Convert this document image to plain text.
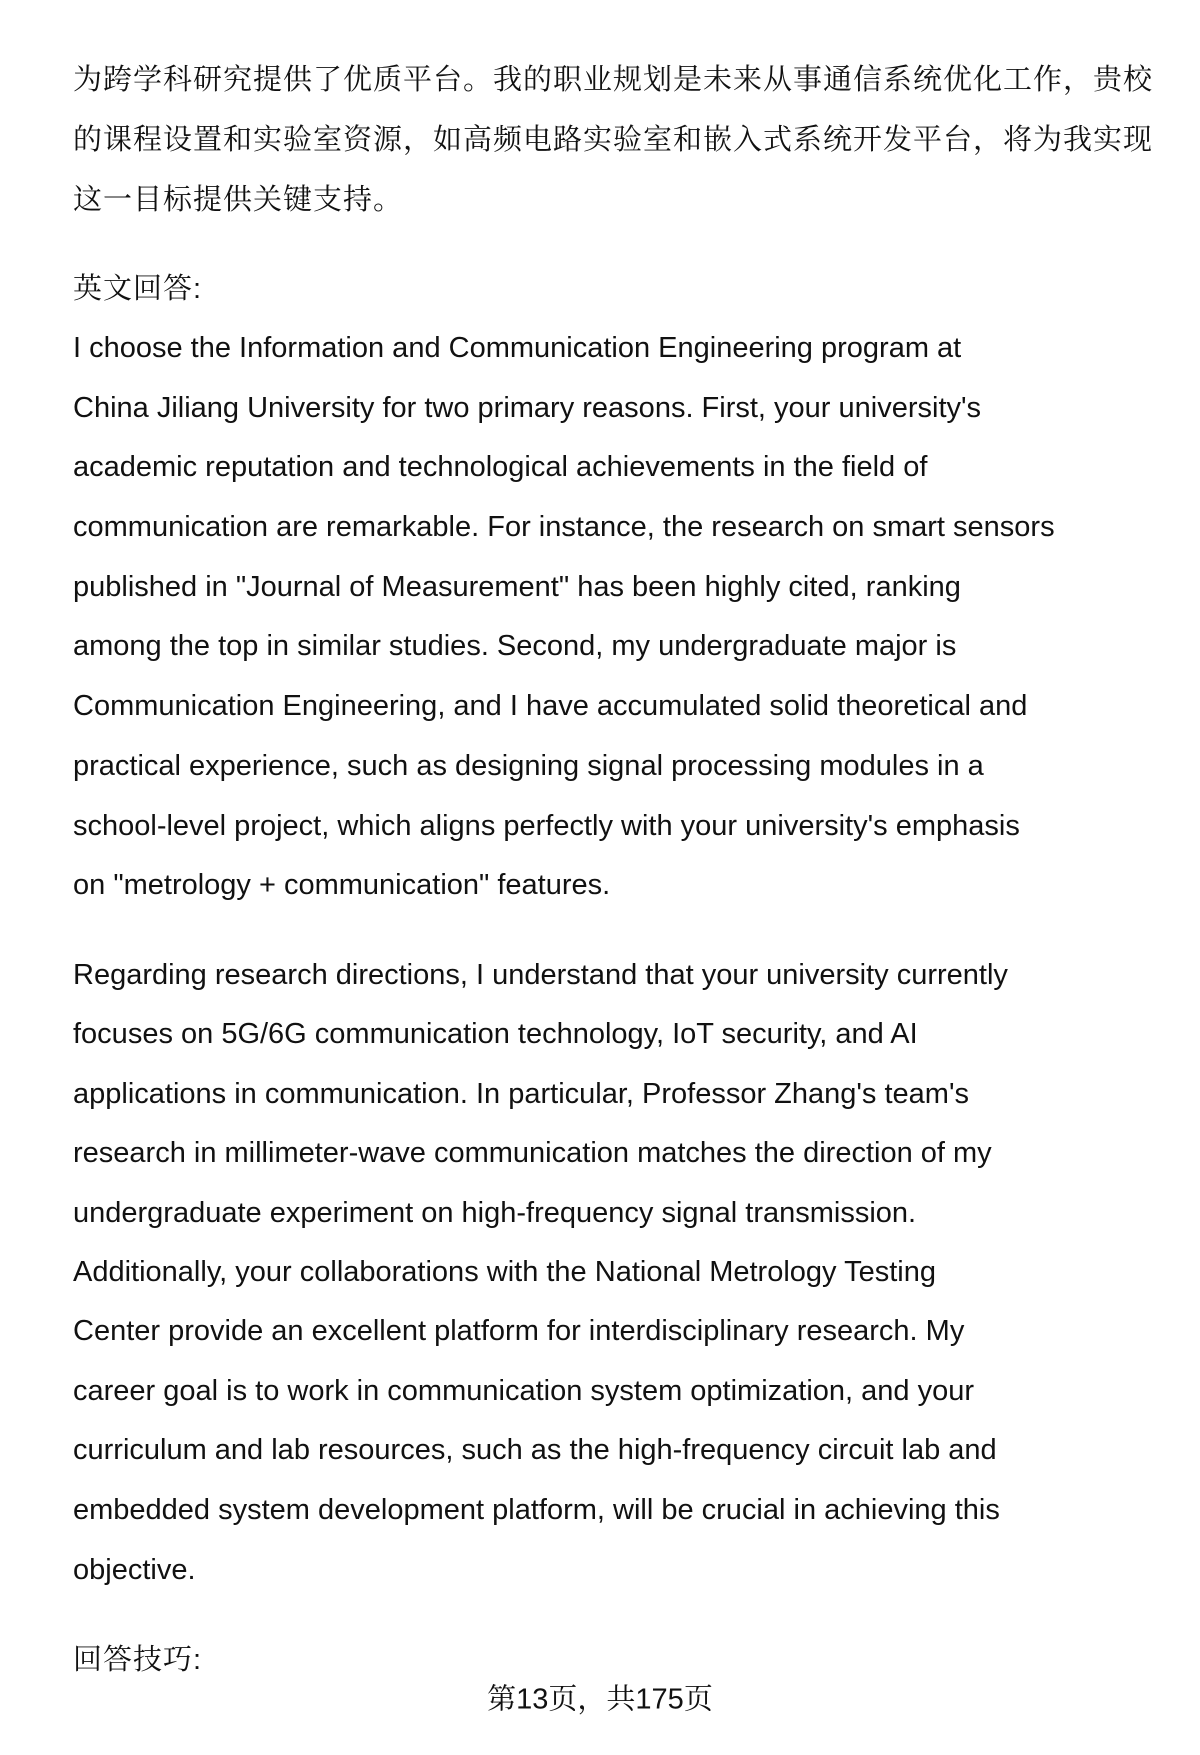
为跨学科研究提供了优质平台。我的职业规划是未来从事通信系统优化工作，贵校
的课程设置和实验室资源，如高频电路实验室和嵌入式系统开发平台，将为我实现
这一目标提供关键支持。
英文回答:
I choose the Information and Communication Engineering program at
China Jiliang University for two primary reasons. First, your university's
academic reputation and technological achievements in the field of
communication are remarkable. For instance, the research on smart sensors
published in "Journal of Measurement" has been highly cited, ranking
among the top in similar studies. Second, my undergraduate major is
Communication Engineering, and I have accumulated solid theoretical and
practical experience, such as designing signal processing modules in a
school-level project, which aligns perfectly with your university's emphasis
on "metrology + communication" features.
Regarding research directions, I understand that your university currently
focuses on 5G/6G communication technology, IoT security, and AI
applications in communication. In particular, Professor Zhang's team's
research in millimeter-wave communication matches the direction of my
undergraduate experiment on high-frequency signal transmission.
Additionally, your collaborations with the National Metrology Testing
Center provide an excellent platform for interdisciplinary research. My
career goal is to work in communication system optimization, and your
curriculum and lab resources, such as the high-frequency circuit lab and
embedded system development platform, will be crucial in achieving this
objective.
回答技巧:
第13页，共175页
